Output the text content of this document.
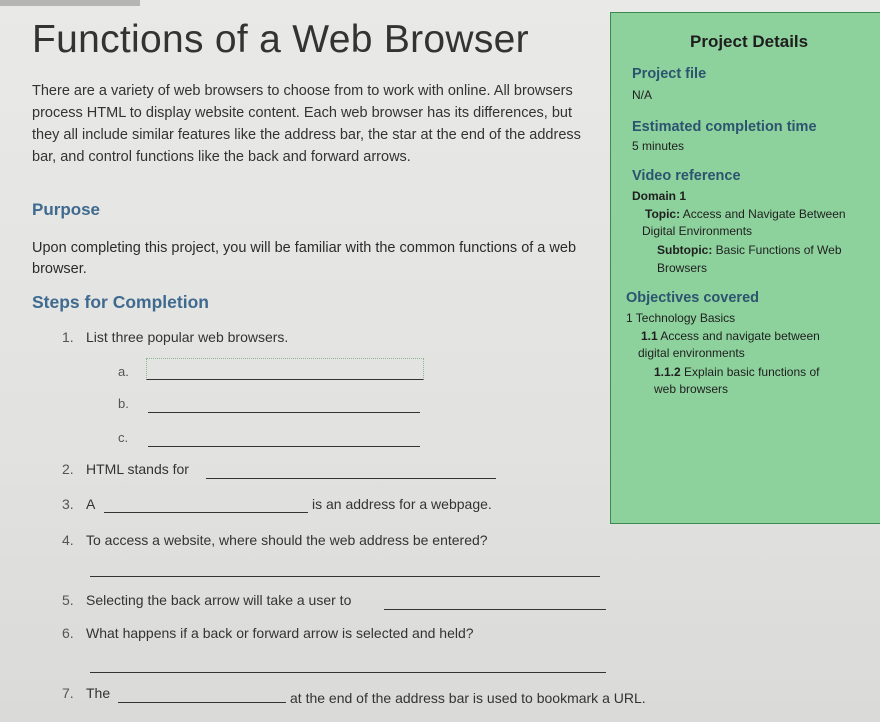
Functions of a Web Browser
There are a variety of web browsers to choose from to work with online. All browsers process HTML to display website content. Each web browser has its differences, but they all include similar features like the address bar, the star at the end of the address bar, and control functions like the back and forward arrows.
Purpose
Upon completing this project, you will be familiar with the common functions of a web browser.
Steps for Completion
1. List three popular web browsers.
a.
b.
c.
2. HTML stands for
3. A	is an address for a webpage.
4. To access a website, where should the web address be entered?
5. Selecting the back arrow will take a user to
6. What happens if a back or forward arrow is selected and held?
7. The	at the end of the address bar is used to bookmark a URL.
Project Details
Project file
N/A
Estimated completion time
5 minutes
Video reference
Domain 1
Topic: Access and Navigate Between
Digital Environments
Subtopic: Basic Functions of Web
Browsers
Objectives covered
1 Technology Basics
1.1 Access and navigate between
digital environments
1.1.2 Explain basic functions of
web browsers
